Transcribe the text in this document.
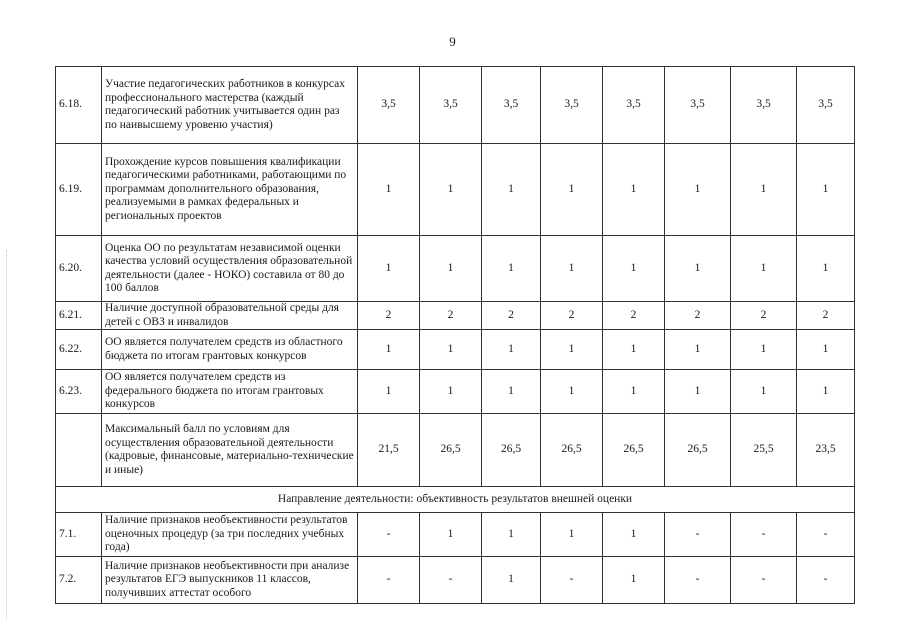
9
6.18.	Участие педагогических работников в конкурсах профессионального мастерства (каждый педагогический работник учитывается один раз по наивысшему уровеню участия)	3,5	3,5	3,5	3,5	3,5	3,5	3,5	3,5
6.19.	Прохождение курсов повышения квалификации педагогическими работниками, работающими по программам дополнительного образования, реализуемыми в рамках федеральных и региональных проектов	1	1	1	1	1	1	1	1
6.20.	Оценка ОО по результатам независимой оценки качества условий осуществления образовательной деятельности (далее - НОКО) составила от 80 до 100 баллов	1	1	1	1	1	1	1	1
6.21.	Наличие доступной образовательной среды для детей с ОВЗ и инвалидов	2	2	2	2	2	2	2	2
6.22.	ОО является получателем средств из областного бюджета по итогам грантовых конкурсов	1	1	1	1	1	1	1	1
6.23.	ОО является получателем средств из федерального бюджета по итогам грантовых конкурсов	1	1	1	1	1	1	1	1
	Максимальный балл по условиям для осуществления образовательной деятельности (кадровые, финансовые, материально-технические и иные)	21,5	26,5	26,5	26,5	26,5	26,5	25,5	23,5
Направление деятельности: объективность результатов внешней оценки									
7.1.	Наличие признаков необъективности результатов оценочных процедур (за три последних учебных года)	-	1	1	1	1	-	-	-
7.2.	Наличие признаков необъективности при анализе результатов ЕГЭ выпускников 11 классов, получивших аттестат особого	-	-	1	-	1	-	-	-
